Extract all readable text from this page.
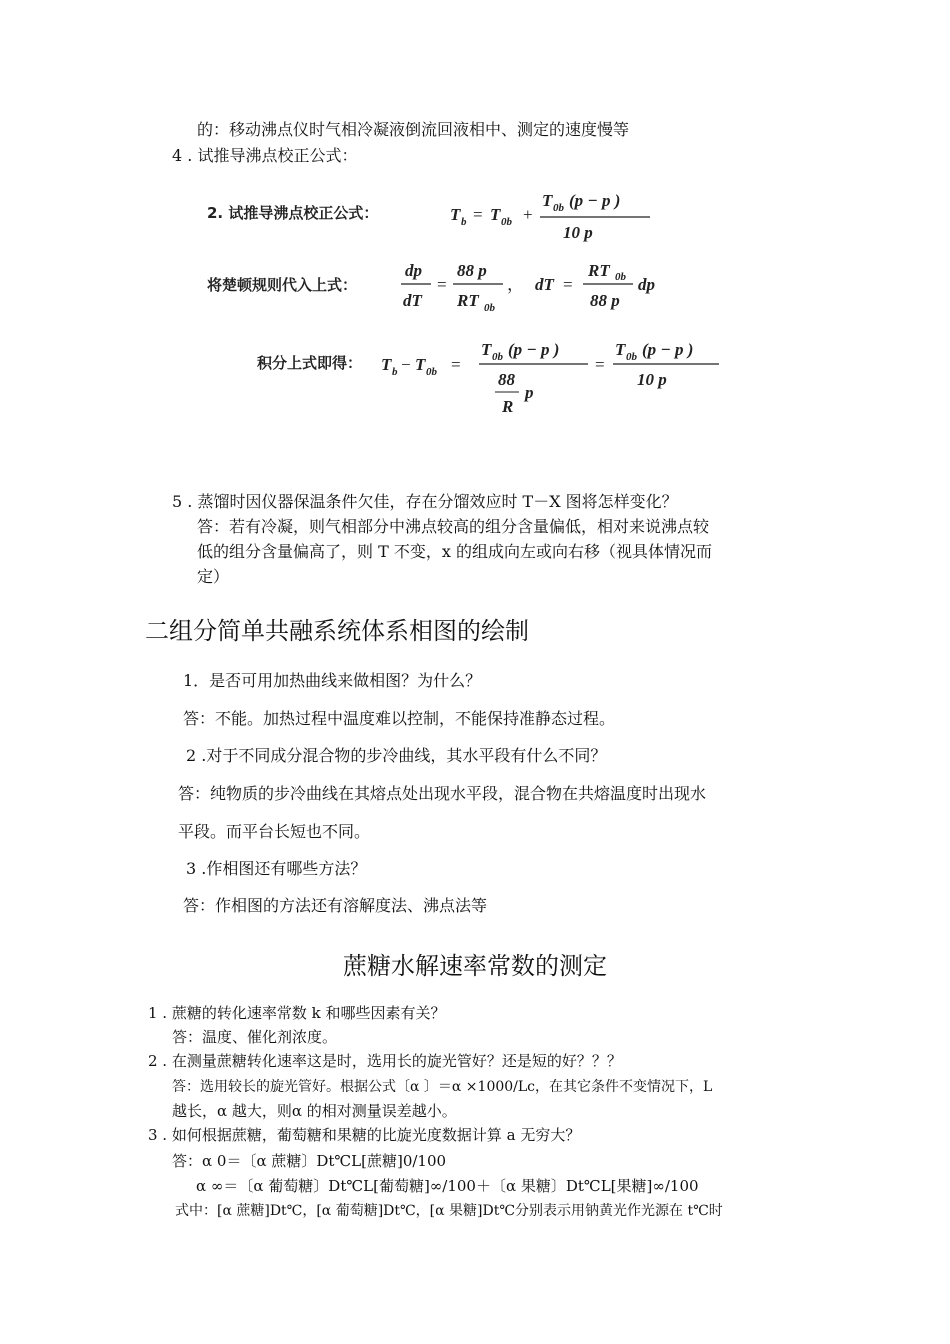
的：移动沸点仪时气相冷凝液倒流回液相中、测定的速度慢等
4 . 试推导沸点校正公式：
2. 试推导沸点校正公式：	T b = T 0b +
T 0b (p − p )
10 p
将楚顿规则代入上式：
dp
dT
=
88 p
RT 0b
， dT =
RT 0b
88 p
dp
积分上式即得： T b − T 0b =
T 0b (p − p )
88
R
p
=
T 0b (p − p )
10 p
5 . 蒸馏时因仪器保温条件欠佳，存在分馏效应时 T－X 图将怎样变化？
答：若有冷凝，则气相部分中沸点较高的组分含量偏低，相对来说沸点较
低的组分含量偏高了，则 T 不变，x 的组成向左或向右移（视具体情况而
定）
二组分简单共融系统体系相图的绘制
1．是否可用加热曲线来做相图？为什么？
答：不能。加热过程中温度难以控制，不能保持准静态过程。
2 .对于不同成分混合物的步冷曲线，其水平段有什么不同？
答：纯物质的步冷曲线在其熔点处出现水平段，混合物在共熔温度时出现水
平段。而平台长短也不同。
3 .作相图还有哪些方法？
答：作相图的方法还有溶解度法、沸点法等
蔗糖水解速率常数的测定
1 . 蔗糖的转化速率常数 k 和哪些因素有关？
答：温度、催化剂浓度。
2 . 在测量蔗糖转化速率这是时，选用长的旋光管好？还是短的好？？？
答：选用较长的旋光管好。根据公式〔α 〕＝α ×1000/Lc，在其它条件不变情况下，L
越长，α 越大，则α 的相对测量误差越小。
3 . 如何根据蔗糖，葡萄糖和果糖的比旋光度数据计算 a 无穷大？
答：α 0＝〔α 蔗糖〕Dt℃L[蔗糖]0/100
α ∞＝〔α 葡萄糖〕Dt℃L[葡萄糖]∞/100＋〔α 果糖〕Dt℃L[果糖]∞/100
式中：[α 蔗糖]Dt℃，[α 葡萄糖]Dt℃，[α 果糖]Dt℃分别表示用钠黄光作光源在 t℃时
